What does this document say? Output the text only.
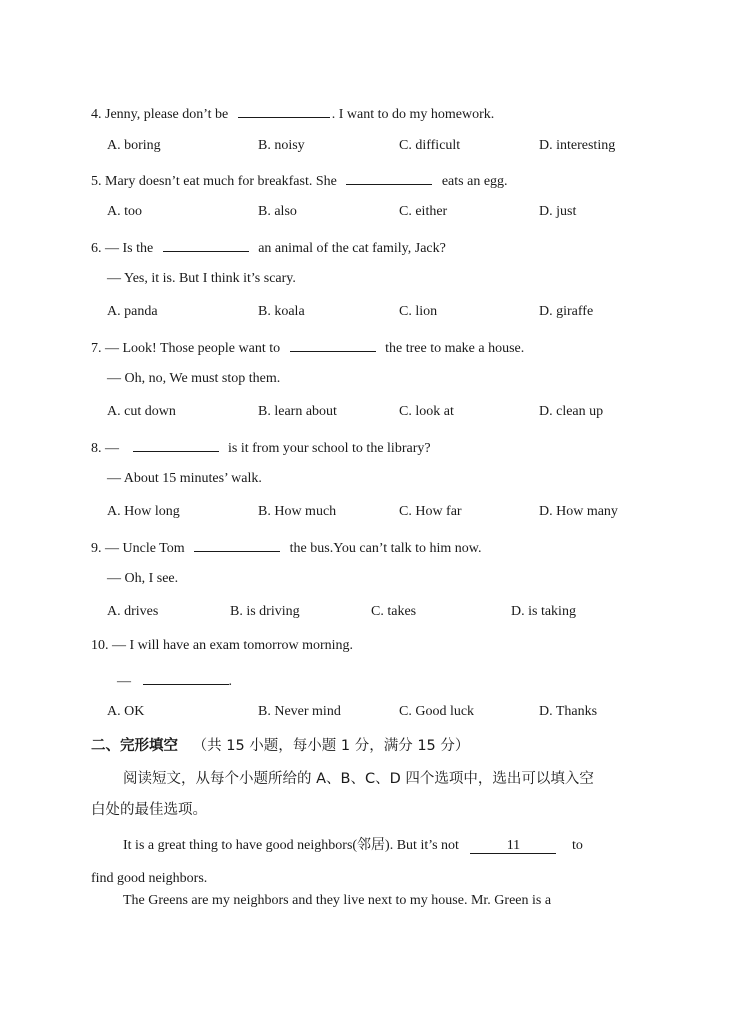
4. Jenny, please don’t be	. I want to do my homework.
A. boring	B. noisy	C. difficult	D. interesting
5. Mary doesn’t eat much for breakfast. She	eats an egg.
A. too	B. also	C. either	D. just
6. — Is the	an animal of the cat family, Jack?
— Yes, it is. But I think it’s scary.
A. panda	B. koala	C. lion	D. giraffe
7. — Look! Those people want to	the tree to make a house.
— Oh, no, We must stop them.
A. cut down	B. learn about	C. look at	D. clean up
8. —	is it from your school to the library?
— About 15 minutes’ walk.
A. How long	B. How much	C. How far	D. How many
9. — Uncle Tom	the bus.You can’t talk to him now.
— Oh, I see.
A. drives	B. is driving	C. takes	D. is taking
10. — I will have an exam tomorrow morning.
—	.
A. OK	B. Never mind	C. Good luck	D. Thanks
二、完形填空 （共 15 小题，每小题 1 分，满分 15 分）
阅读短文，从每个小题所给的 A、B、C、D 四个选项中，选出可以填入空
白处的最佳选项。
It is a great thing to have good neighbors(邻居). But it’s not	11	to
find good neighbors.
The Greens are my neighbors and they live next to my house. Mr. Green is a
